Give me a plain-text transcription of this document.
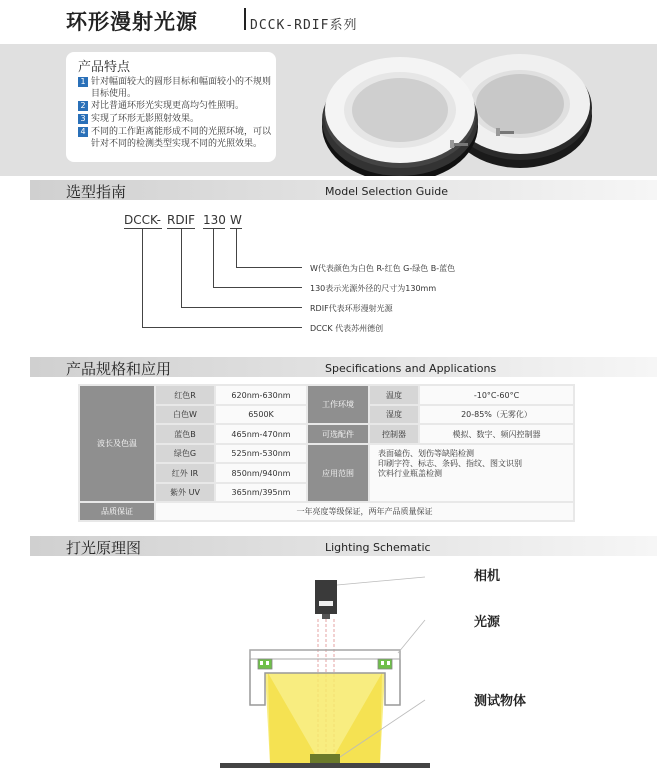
环形漫射光源	DCCK-RDIF系列
产品特点
1 针对幅面较大的圆形目标和幅面较小的不规则目标使用。
2 对比普通环形光实现更高均匀性照明。
3 实现了环形无影照射效果。
4 不同的工作距离能形成不同的光照环境，可以针对不同的检测类型实现不同的光照效果。
选型指南	Model Selection Guide
DCCK- RDIF 130 W
W代表颜色为白色 R-红色 G-绿色 B-蓝色
130表示光源外径的尺寸为130mm
RDIF代表环形漫射光源
DCCK 代表苏州德创
产品规格和应用	Specifications and Applications
波长及色温
红色R	620nm-630nm
白色W	6500K
蓝色B	465nm-470nm
绿色G	525nm-530nm
红外 IR	850nm/940nm
紫外 UV	365nm/395nm
工作环境
温度	-10°C-60°C
湿度	20-85%（无雾化）
可选配件	控制器	模拟、数字、频闪控制器
应用范围
表面磕伤、划伤等缺陷检测
印刷字符、标志、条码、指纹、图文识别
饮料行业瓶盖检测
品质保证	一年亮度等级保证，两年产品质量保证
打光原理图	Lighting Schematic
相机
光源
测试物体
